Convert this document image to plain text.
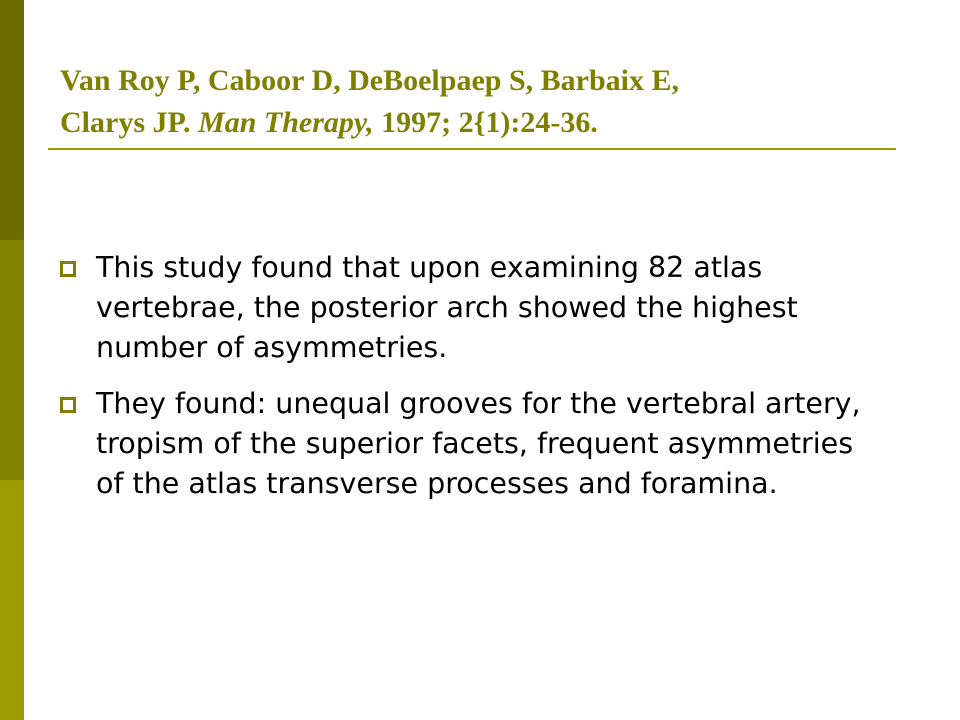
Van Roy P, Caboor D, DeBoelpaep S, Barbaix E,
Clarys JP. Man Therapy, 1997; 2{1):24-36.
This study found that upon examining 82 atlas vertebrae, the posterior arch showed the highest number of asymmetries.
They found: unequal grooves for the vertebral artery, tropism of the superior facets, frequent asymmetries of the atlas transverse processes and foramina.
